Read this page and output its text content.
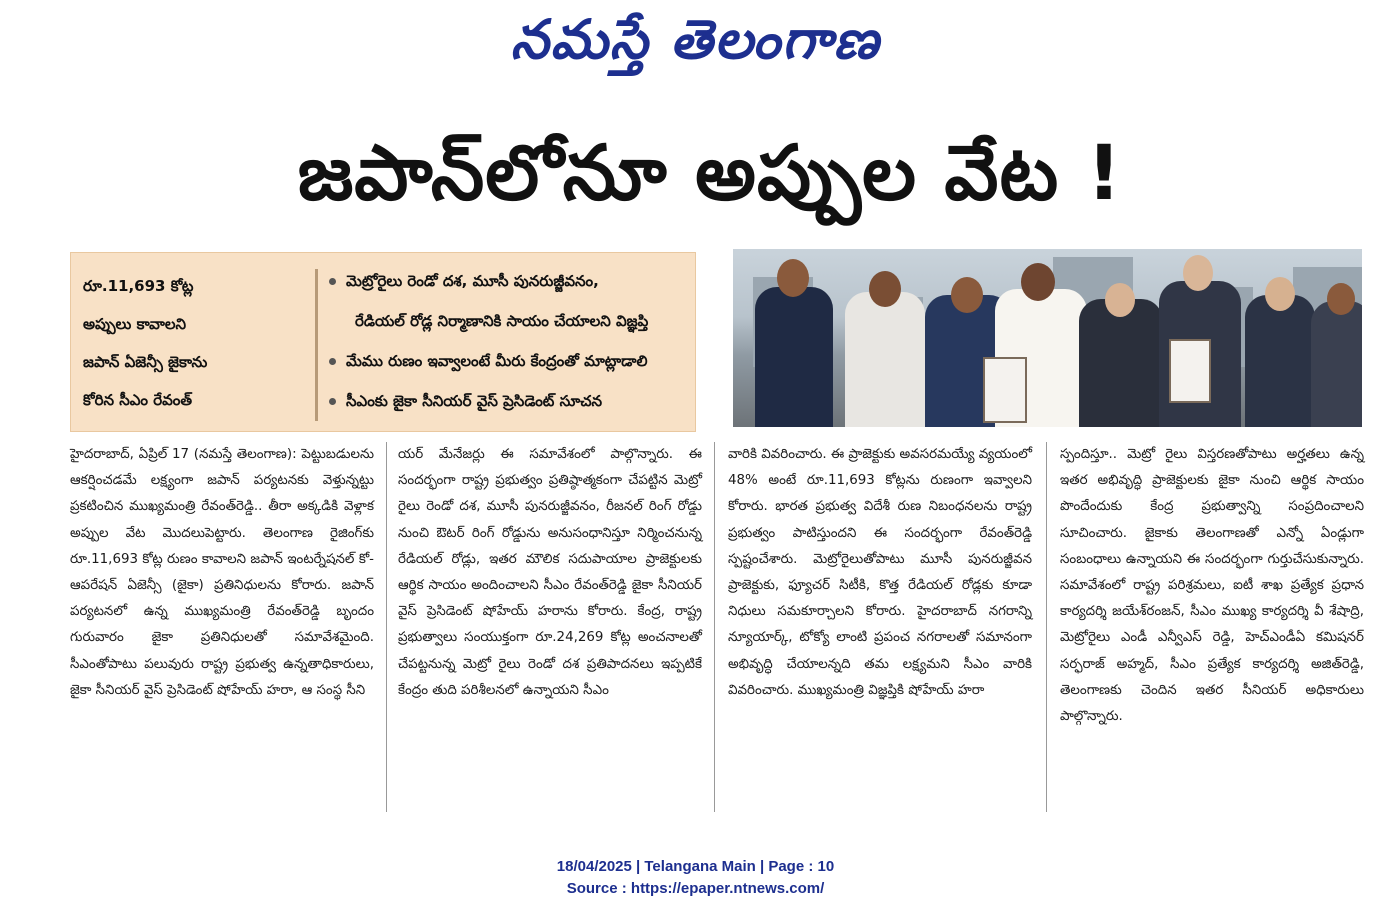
నమస్తే తెలంగాణ
జపాన్‌లోనూ అప్పుల వేట !
రూ.11,693 కోట్ల
అప్పులు కావాలని
జపాన్ ఏజెన్సీ జైకాను
కోరిన సీఎం రేవంత్
మెట్రోరైలు రెండో దశ, మూసీ పునరుజ్జీవనం,
రేడియల్ రోడ్ల నిర్మాణానికి సాయం చేయాలని విజ్ఞప్తి
మేము రుణం ఇవ్వాలంటే మీరు కేంద్రంతో మాట్లాడాలి
సీఎంకు జైకా సీనియర్ వైస్ ప్రెసిడెంట్ సూచన
హైదరాబాద్, ఏప్రిల్ 17 (నమస్తే తెలంగాణ): పెట్టుబడులను ఆకర్షించడమే లక్ష్యంగా జపాన్ పర్యటనకు వెళ్తున్నట్టు ప్రకటించిన ముఖ్యమంత్రి రేవంత్‌రెడ్డి.. తీరా అక్కడికి వెళ్లాక అప్పుల వేట మొదలుపెట్టారు. తెలంగాణ రైజింగ్‌కు రూ.11,693 కోట్ల రుణం కావాలని జపాన్ ఇంటర్నేషనల్ కో-ఆపరేషన్ ఏజెన్సీ (జైకా) ప్రతినిధులను కోరారు. జపాన్ పర్యటనలో ఉన్న ముఖ్యమంత్రి రేవంత్‌రెడ్డి బృందం గురువారం జైకా ప్రతినిధులతో సమావేశమైంది. సీఎంతోపాటు పలువురు రాష్ట్ర ప్రభుత్వ ఉన్నతాధికారులు, జైకా సీనియర్ వైస్ ప్రెసిడెంట్ షోహేయ్ హరా, ఆ సంస్థ సీని
యర్ మేనేజర్లు ఈ సమావేశంలో పాల్గొన్నారు. ఈ సందర్భంగా రాష్ట్ర ప్రభుత్వం ప్రతిష్ఠాత్మకంగా చేపట్టిన మెట్రో రైలు రెండో దశ, మూసీ పునరుజ్జీవనం, రీజనల్ రింగ్ రోడ్డు నుంచి ఔటర్ రింగ్ రోడ్డును అనుసంధానిస్తూ నిర్మించనున్న రేడియల్ రోడ్లు, ఇతర మౌలిక సదుపాయాల ప్రాజెక్టులకు ఆర్థిక సాయం అందించాలని సీఎం రేవంత్‌రెడ్డి జైకా సీనియర్ వైస్ ప్రెసిడెంట్ షోహేయ్ హరాను కోరారు. కేంద్ర, రాష్ట్ర ప్రభుత్వాలు సంయుక్తంగా రూ.24,269 కోట్ల అంచనాలతో చేపట్టనున్న మెట్రో రైలు రెండో దశ ప్రతిపాదనలు ఇప్పటికే కేంద్రం తుది పరిశీలనలో ఉన్నాయని సీఎం
వారికి వివరించారు. ఈ ప్రాజెక్టుకు అవసరమయ్యే వ్యయంలో 48% అంటే రూ.11,693 కోట్లను రుణంగా ఇవ్వాలని కోరారు. భారత ప్రభుత్వ విదేశీ రుణ నిబంధనలను రాష్ట్ర ప్రభుత్వం పాటిస్తుందని ఈ సందర్భంగా రేవంత్‌రెడ్డి స్పష్టంచేశారు. మెట్రోరైలుతోపాటు మూసీ పునరుజ్జీవన ప్రాజెక్టుకు, ఫ్యూచర్ సిటీకి, కొత్త రేడియల్ రోడ్లకు కూడా నిధులు సమకూర్చాలని కోరారు. హైదరాబాద్ నగరాన్ని న్యూయార్క్, టోక్యో లాంటి ప్రపంచ నగరాలతో సమానంగా అభివృద్ధి చేయాలన్నది తమ లక్ష్యమని సీఎం వారికి వివరించారు. ముఖ్యమంత్రి విజ్ఞప్తికి షోహేయ్ హరా
స్పందిస్తూ.. మెట్రో రైలు విస్తరణతోపాటు అర్హతలు ఉన్న ఇతర అభివృద్ధి ప్రాజెక్టులకు జైకా నుంచి ఆర్థిక సాయం పొందేందుకు కేంద్ర ప్రభుత్వాన్ని సంప్రదించాలని సూచించారు. జైకాకు తెలంగాణతో ఎన్నో ఏండ్లుగా సంబంధాలు ఉన్నాయని ఈ సందర్భంగా గుర్తుచేసుకున్నారు. సమావేశంలో రాష్ట్ర పరిశ్రమలు, ఐటీ శాఖ ప్రత్యేక ప్రధాన కార్యదర్శి జయేశ్‌రంజన్, సీఎం ముఖ్య కార్యదర్శి వీ శేషాద్రి, మెట్రోరైలు ఎండీ ఎన్వీఎస్ రెడ్డి, హెచ్ఎండీఏ కమిషనర్ సర్ఫరాజ్ అహ్మద్, సీఎం ప్రత్యేక కార్యదర్శి అజిత్‌రెడ్డి, తెలంగాణకు చెందిన ఇతర సీనియర్ అధికారులు పాల్గొన్నారు.
18/04/2025 | Telangana Main | Page : 10
Source : https://epaper.ntnews.com/
